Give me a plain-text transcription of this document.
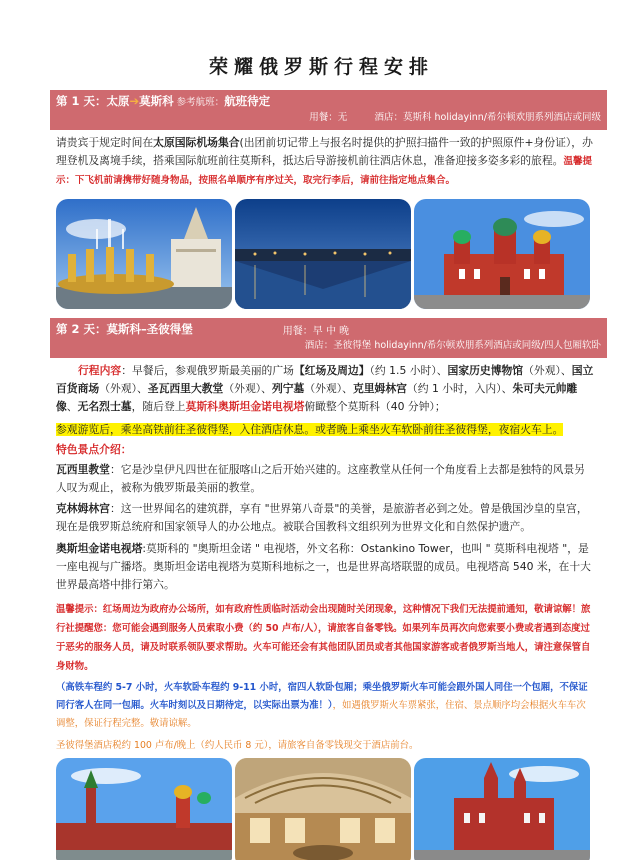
荣耀俄罗斯行程安排
第 1 天：太原➔莫斯科 参考航班：航班待定
用餐：无	酒店：莫斯科 holidayinn/希尔顿欢朋系列酒店或同级
请贵宾于规定时间在太原国际机场集合(出团前切记带上与报名时提供的护照扫描件一致的护照原件+身份证），办理登机及离境手续，搭乘国际航班前往莫斯科，抵达后导游接机前往酒店休息，准备迎接多姿多彩的旅程。温馨提示：下飞机前请携带好随身物品，按照名单顺序有序过关，取完行李后，请前往指定地点集合。
第 2 天：莫斯科–圣彼得堡	用餐：早 中 晚
酒店：圣彼得堡 holidayinn/希尔顿欢朋系列酒店或同级/四人包厢软卧
行程内容：早餐后，参观俄罗斯最美丽的广场【红场及周边】（约 1.5 小时）、国家历史博物馆（外观）、国立百货商场（外观）、圣瓦西里大教堂（外观）、列宁墓（外观）、克里姆林宫（约 1 小时，入内）、朱可夫元帅雕像、无名烈士墓，随后登上莫斯科奥斯坦金诺电视塔俯瞰整个莫斯科（40 分钟）；
参观游览后，乘坐高铁前往圣彼得堡，入住酒店休息。或者晚上乘坐火车软卧前往圣彼得堡，夜宿火车上。
特色景点介绍：
瓦西里教堂：它是沙皇伊凡四世在征服喀山之后开始兴建的。这座教堂从任何一个角度看上去都是独特的风景另人叹为观止，被称为俄罗斯最美丽的教堂。
克林姆林宫：这一世界闻名的建筑群，享有 "世界第八奇景"的美誉，是旅游者必到之处。曾是俄国沙皇的皇宫，现在是俄罗斯总统府和国家领导人的办公地点。被联合国教科文组织列为世界文化和自然保护遗产。
奥斯坦金诺电视塔:莫斯科的 "奥斯坦金诺 " 电视塔，外文名称：Ostankino Tower，也叫 " 莫斯科电视塔 "，是一座电视与广播塔。奥斯坦金诺电视塔为莫斯科地标之一，也是世界高塔联盟的成员。电视塔高 540 米，在十大世界最高塔中排行第六。
温馨提示：红场周边为政府办公场所，如有政府性质临时活动会出现随时关闭现象，这种情况下我们无法提前通知，敬请谅解！旅行社提醒您：您可能会遇到服务人员索取小费（约 50 卢布/人），请旅客自备零钱。如果列车员再次向您索要小费或者遇到态度过于恶劣的服务人员，请及时联系领队要求帮助。火车可能还会有其他团队团员或者其他国家游客或者俄罗斯当地人，请注意保管自身财物。
（高铁车程约 5-7 小时，火车软卧车程约 9-11 小时，宿四人软卧包厢；乘坐俄罗斯火车可能会跟外国人同住一个包厢，不保证同行客人在同一包厢。火车时刻以及日期待定，以实际出票为准！），如遇俄罗斯火车票紧张，住宿、景点顺序均会根据火车车次调整，保证行程完整。敬请谅解。
圣彼得堡酒店税约 100 卢布/晚上（约人民币 8 元），请旅客自备零钱现交于酒店前台。
